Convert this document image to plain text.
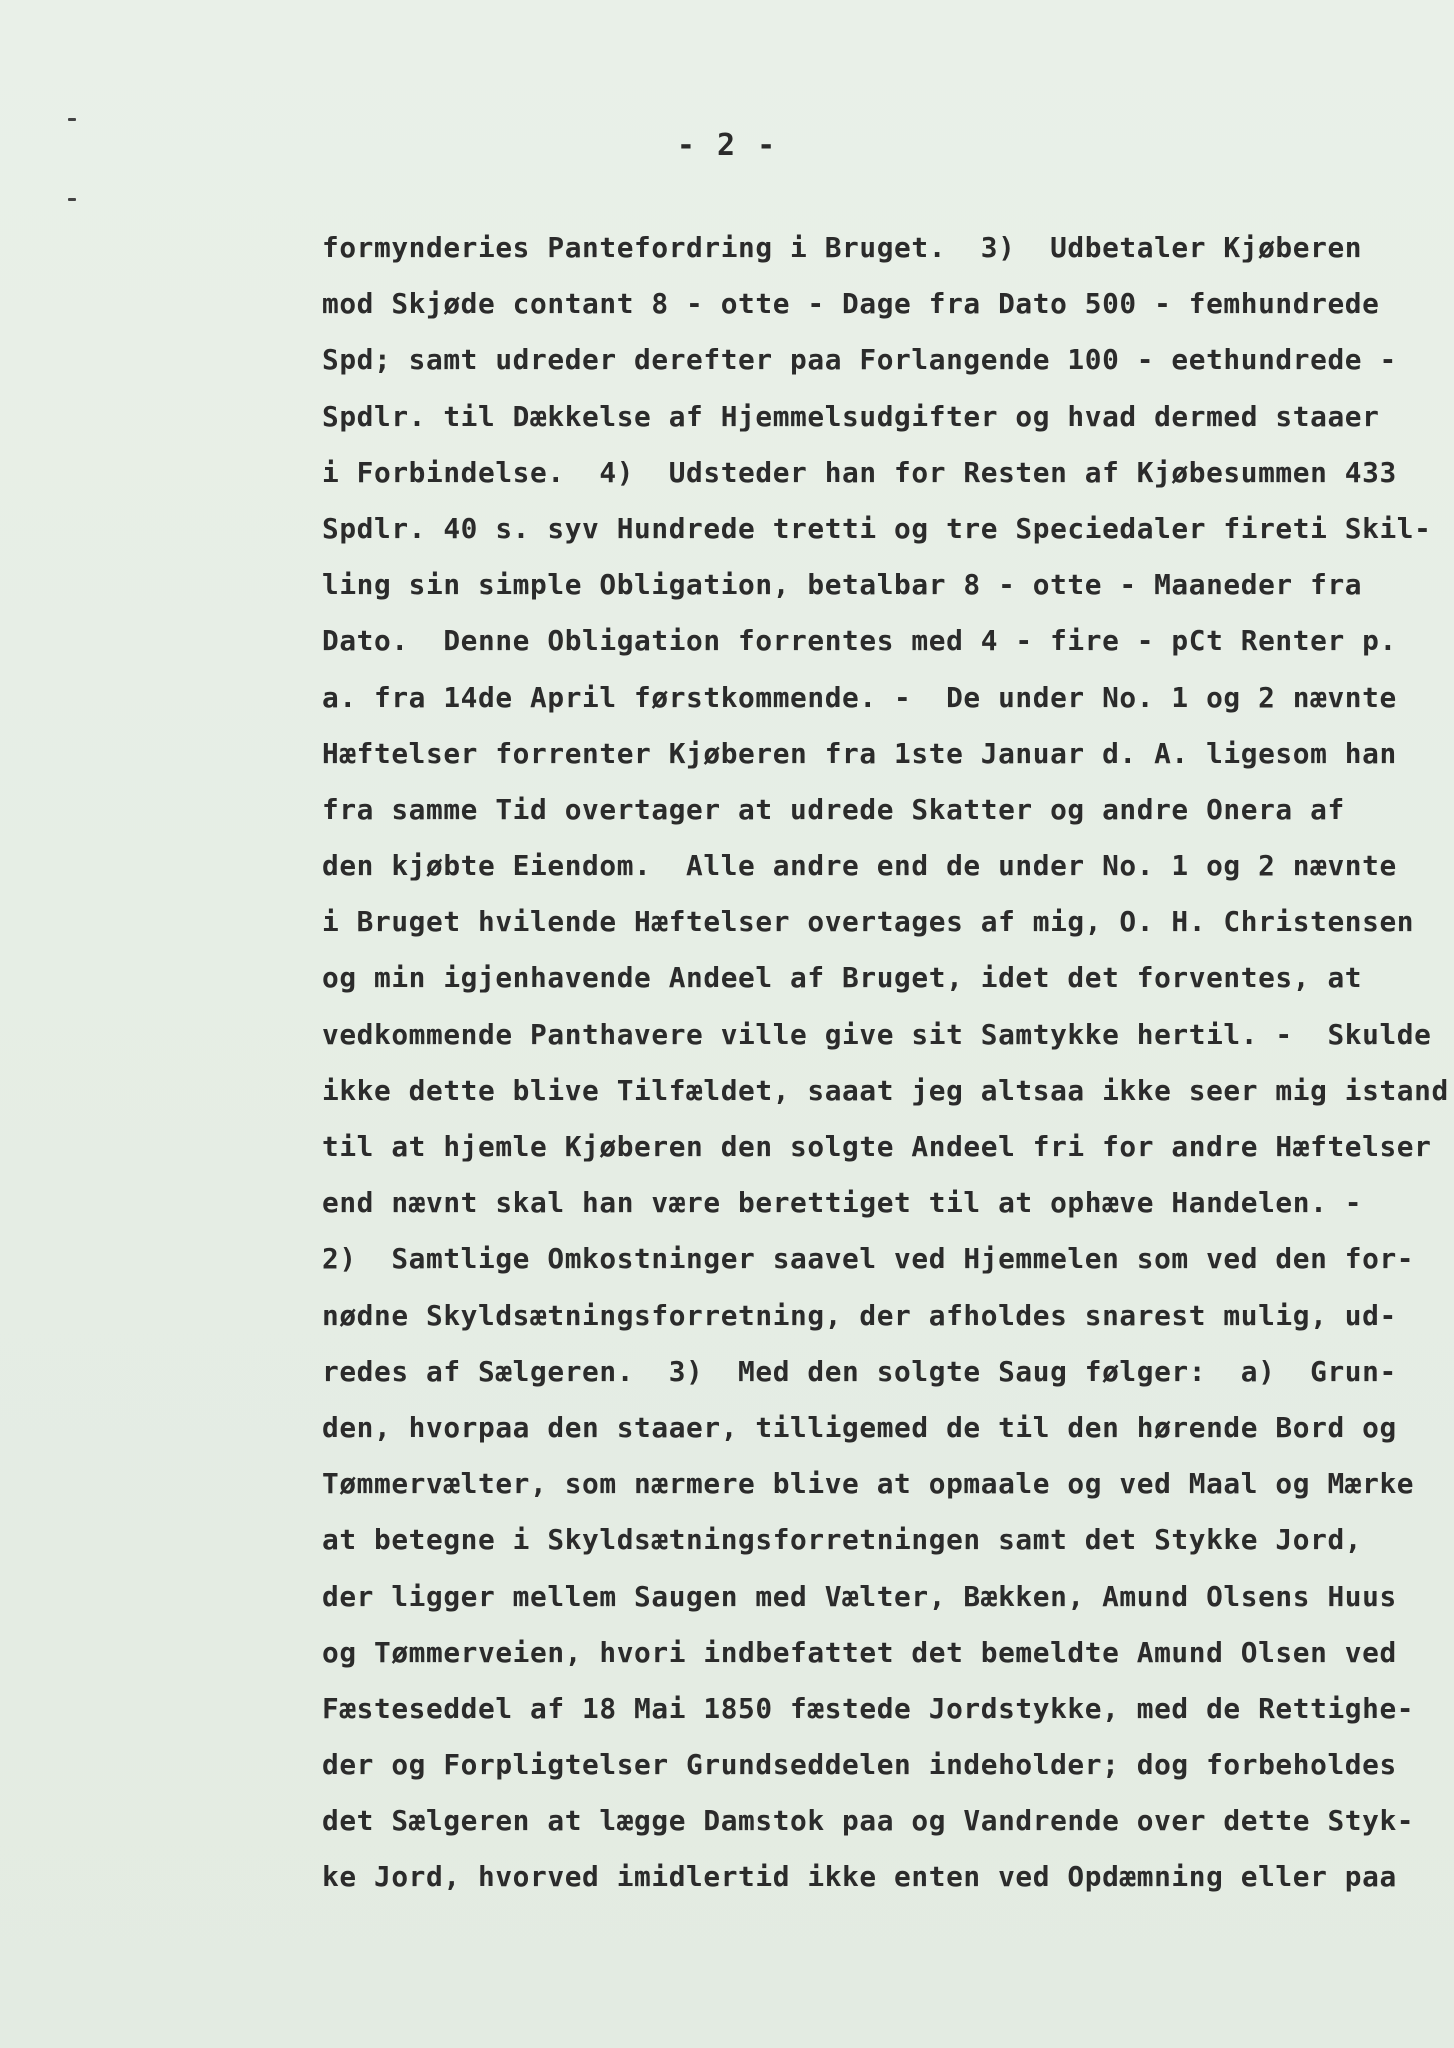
- 2 -
formynderies Pantefordring i Bruget.  3)  Udbetaler Kjøberen
mod Skjøde contant 8 - otte - Dage fra Dato 500 - femhundrede
Spd; samt udreder derefter paa Forlangende 100 - eethundrede -
Spdlr. til Dækkelse af Hjemmelsudgifter og hvad dermed staaer
i Forbindelse.  4)  Udsteder han for Resten af Kjøbesummen 433
Spdlr. 40 s. syv Hundrede tretti og tre Speciedaler fireti Skil-
ling sin simple Obligation, betalbar 8 - otte - Maaneder fra
Dato.  Denne Obligation forrentes med 4 - fire - pCt Renter p.
a. fra 14de April førstkommende. -  De under No. 1 og 2 nævnte
Hæftelser forrenter Kjøberen fra 1ste Januar d. A. ligesom han
fra samme Tid overtager at udrede Skatter og andre Onera af
den kjøbte Eiendom.  Alle andre end de under No. 1 og 2 nævnte
i Bruget hvilende Hæftelser overtages af mig, O. H. Christensen
og min igjenhavende Andeel af Bruget, idet det forventes, at
vedkommende Panthavere ville give sit Samtykke hertil. -  Skulde
ikke dette blive Tilfældet, saaat jeg altsaa ikke seer mig istand
til at hjemle Kjøberen den solgte Andeel fri for andre Hæftelser
end nævnt skal han være berettiget til at ophæve Handelen. -
2)  Samtlige Omkostninger saavel ved Hjemmelen som ved den for-
nødne Skyldsætningsforretning, der afholdes snarest mulig, ud-
redes af Sælgeren.  3)  Med den solgte Saug følger:  a)  Grun-
den, hvorpaa den staaer, tilligemed de til den hørende Bord og
Tømmervælter, som nærmere blive at opmaale og ved Maal og Mærke
at betegne i Skyldsætningsforretningen samt det Stykke Jord,
der ligger mellem Saugen med Vælter, Bækken, Amund Olsens Huus
og Tømmerveien, hvori indbefattet det bemeldte Amund Olsen ved
Fæsteseddel af 18 Mai 1850 fæstede Jordstykke, med de Rettighe-
der og Forpligtelser Grundseddelen indeholder; dog forbeholdes
det Sælgeren at lægge Damstok paa og Vandrende over dette Styk-
ke Jord, hvorved imidlertid ikke enten ved Opdæmning eller paa
